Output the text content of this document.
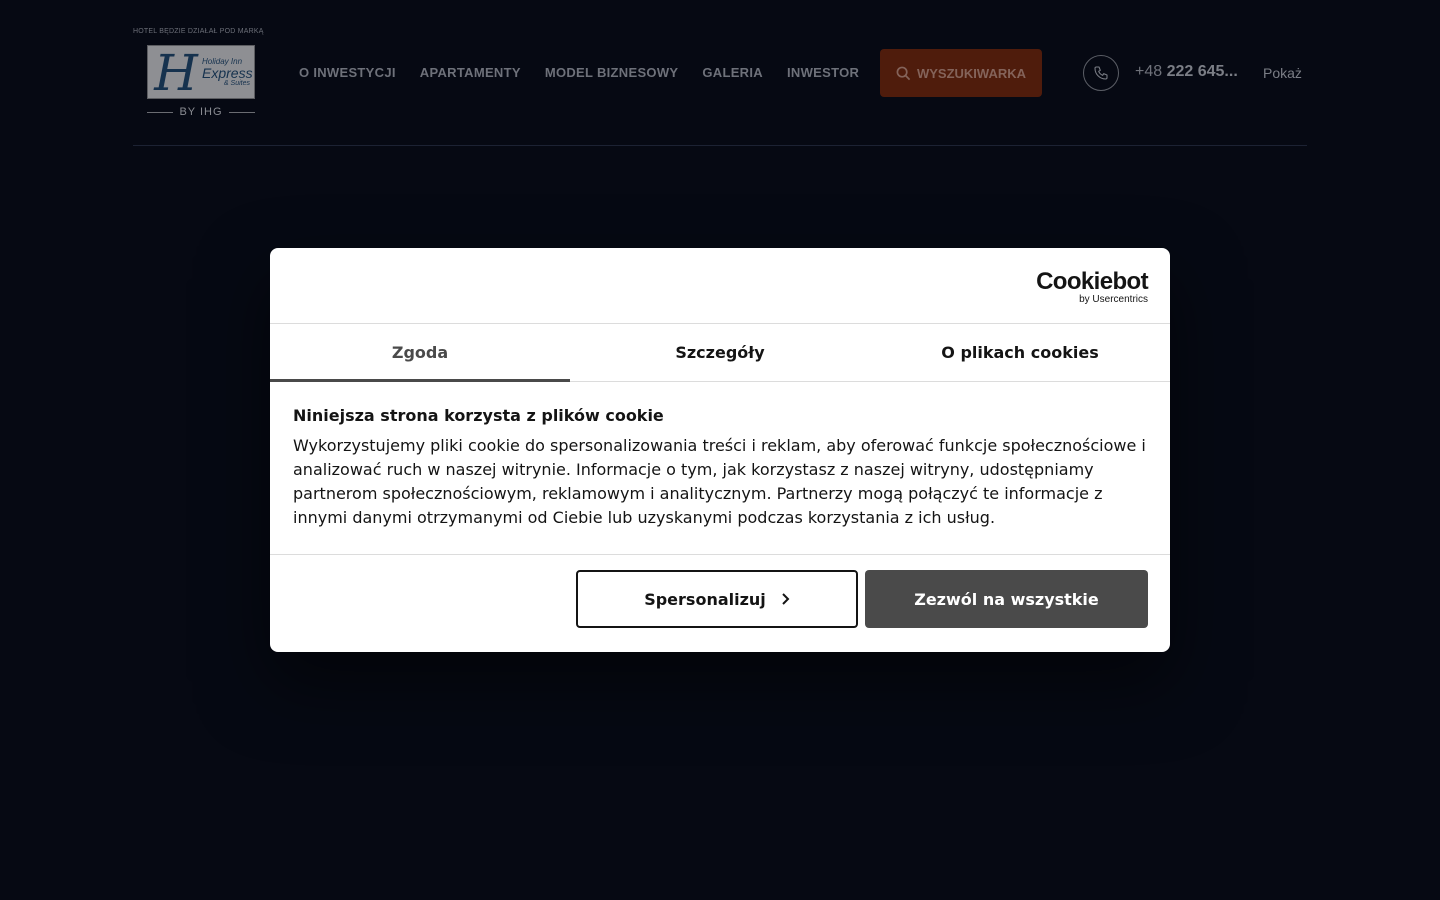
HOTEL BĘDZIE DZIAŁAŁ POD MARKĄ
H Holiday Inn
Express
& Suites
BY IHG
O INWESTYCJI APARTAMENTY MODEL BIZNESOWY GALERIA INWESTOR	WYSZUKIWARKA	+48 222 645... Pokaż
Cookiebot
by Usercentrics
Zgoda	Szczegóły	O plikach cookies
Niniejsza strona korzysta z plików cookie
Wykorzystujemy pliki cookie do spersonalizowania treści i reklam, aby oferować funkcje społecznościowe i analizować ruch w naszej witrynie. Informacje o tym, jak korzystasz z naszej witryny, udostępniamy partnerom społecznościowym, reklamowym i analitycznym. Partnerzy mogą połączyć te informacje z innymi danymi otrzymanymi od Ciebie lub uzyskanymi podczas korzystania z ich usług.
Spersonalizuj	Zezwól na wszystkie
